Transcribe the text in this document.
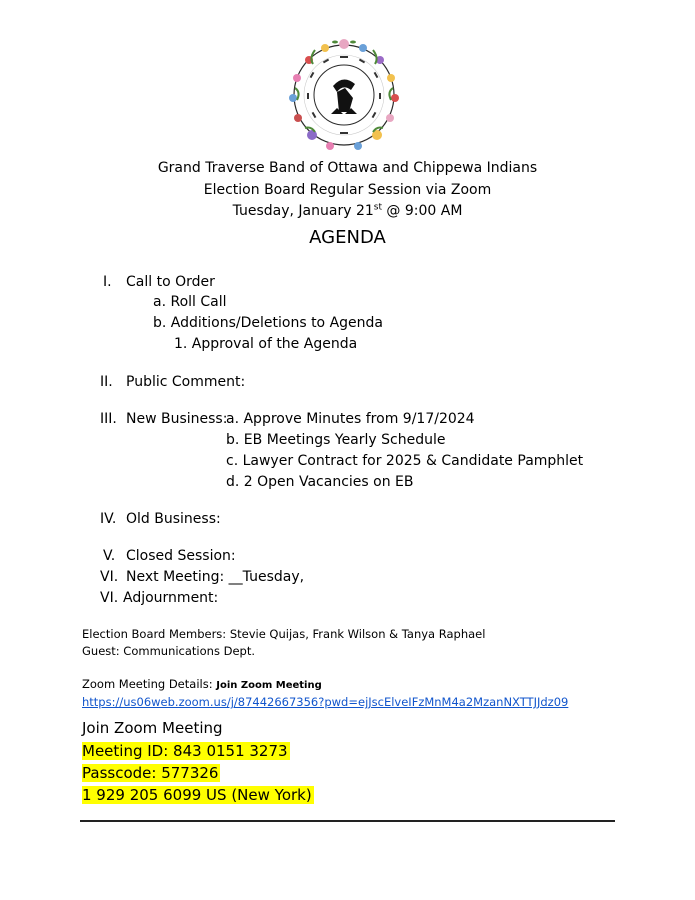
Grand Traverse Band of Ottawa and Chippewa Indians
Election Board Regular Session via Zoom
Tuesday, January 21st @ 9:00 AM
AGENDA
I. Call to Order
a. Roll Call
b. Additions/Deletions to Agenda
1. Approval of the Agenda
II. Public Comment:
III. New Business:
a. Approve Minutes from 9/17/2024
b. EB Meetings Yearly Schedule
c. Lawyer Contract for 2025 & Candidate Pamphlet
d. 2 Open Vacancies on EB
IV. Old Business:
V. Closed Session:
VI. Next Meeting: __Tuesday,
VI. Adjournment:
Election Board Members: Stevie Quijas, Frank Wilson & Tanya Raphael
Guest: Communications Dept.
Zoom Meeting Details: Join Zoom Meeting
https://us06web.zoom.us/j/87442667356?pwd=ejJscElveIFzMnM4a2MzanNXTTJJdz09
Join Zoom Meeting
Meeting ID: 843 0151 3273
Passcode: 577326
1 929 205 6099 US (New York)
